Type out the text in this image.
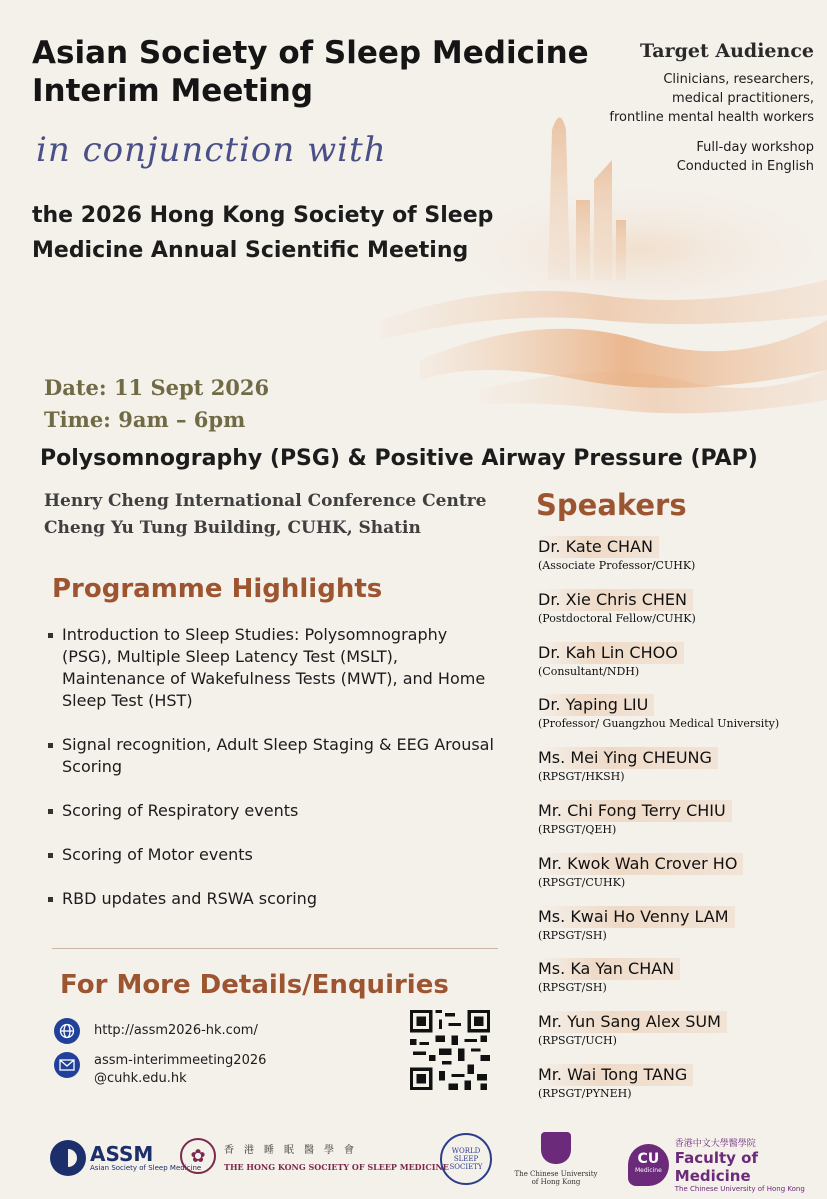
Asian Society of Sleep Medicine
Interim Meeting
in conjunction with
the 2026 Hong Kong Society of Sleep
Medicine Annual Scientific Meeting
Target Audience
Clinicians, researchers,
medical practitioners,
frontline mental health workers
Full-day workshop
Conducted in English
Date: 11 Sept 2026
Time: 9am – 6pm
Polysomnography (PSG) & Positive Airway Pressure (PAP)
Henry Cheng International Conference Centre
Cheng Yu Tung Building, CUHK, Shatin
Programme Highlights
Introduction to Sleep Studies: Polysomnography (PSG), Multiple Sleep Latency Test (MSLT), Maintenance of Wakefulness Tests (MWT), and Home Sleep Test (HST)
Signal recognition, Adult Sleep Staging & EEG Arousal Scoring
Scoring of Respiratory events
Scoring of Motor events
RBD updates and RSWA scoring
For More Details/Enquiries
http://assm2026-hk.com/
assm-interimmeeting2026
@cuhk.edu.hk
Speakers
Dr. Kate CHAN
(Associate Professor/CUHK)
Dr. Xie Chris CHEN
(Postdoctoral Fellow/CUHK)
Dr. Kah Lin CHOO
(Consultant/NDH)
Dr. Yaping LIU
(Professor/ Guangzhou Medical University)
Ms. Mei Ying CHEUNG
(RPSGT/HKSH)
Mr. Chi Fong Terry CHIU
(RPSGT/QEH)
Mr. Kwok Wah Crover HO
(RPSGT/CUHK)
Ms. Kwai Ho Venny LAM
(RPSGT/SH)
Ms. Ka Yan CHAN
(RPSGT/SH)
Mr. Yun Sang Alex SUM
(RPSGT/UCH)
Mr. Wai Tong TANG
(RPSGT/PYNEH)
ASSM
Asian Society of Sleep Medicine
✿	香港睡眠醫學會
THE HONG KONG SOCIETY OF SLEEP MEDICINE
WORLD SLEEP SOCIETY
The Chinese University of Hong Kong
CU
Medicine
香港中文大學醫學院
Faculty of Medicine
The Chinese University of Hong Kong
